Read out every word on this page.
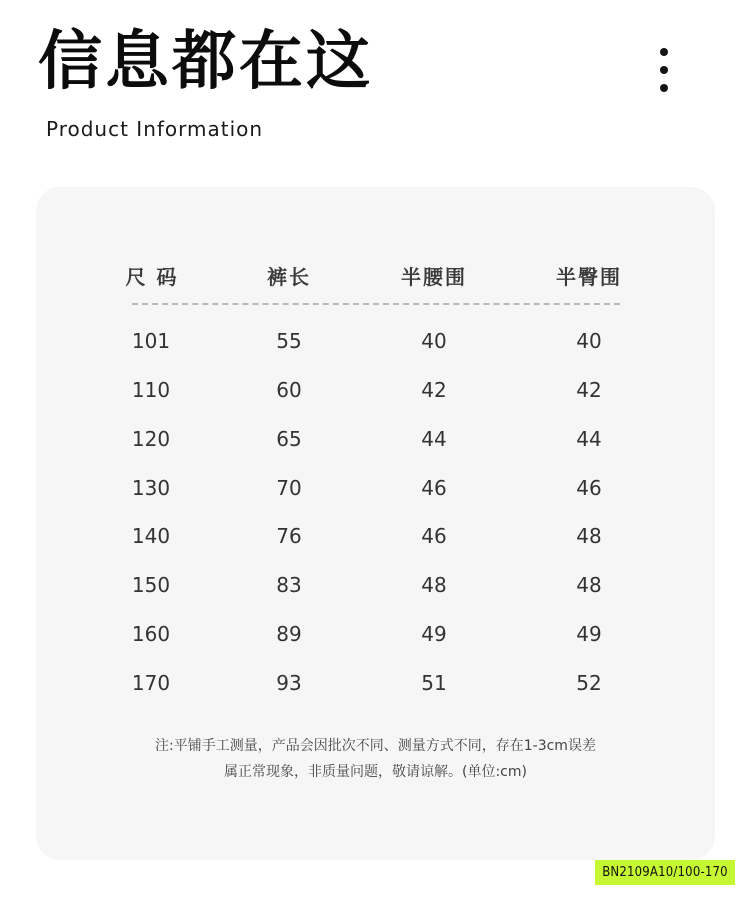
信息都在这
Product Information
尺 码	裤长	半腰围	半臀围
101	55	40	40
110	60	42	42
120	65	44	44
130	70	46	46
140	76	46	48
150	83	48	48
160	89	49	49
170	93	51	52
注:平铺手工测量，产品会因批次不同、测量方式不同，存在1-3cm误差
属正常现象，非质量问题，敬请谅解。(单位:cm)
BN2109A10/100-170
